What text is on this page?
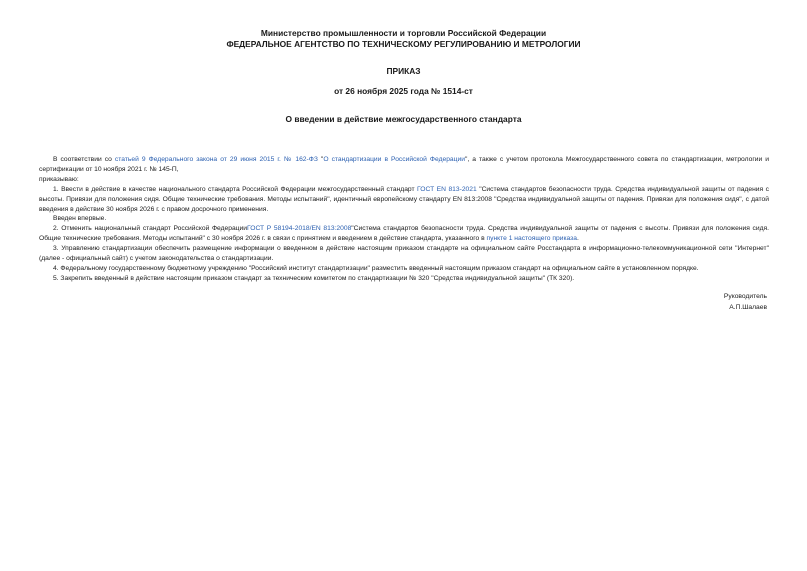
Министерство промышленности и торговли Российской Федерации
ФЕДЕРАЛЬНОЕ АГЕНТСТВО ПО ТЕХНИЧЕСКОМУ РЕГУЛИРОВАНИЮ И МЕТРОЛОГИИ
ПРИКАЗ
от 26 ноября 2025 года № 1514-ст
О введении в действие межгосударственного стандарта

В соответствии со статьей 9 Федерального закона от 29 июня 2015 г. № 162-ФЗ "О стандартизации в Российской Федерации", а также с учетом протокола Межгосударственного совета по стандартизации, метрологии и сертификации от 10 ноября 2021 г. № 145-П,

приказываю:

1. Ввести в действие в качестве национального стандарта Российской Федерации межгосударственный стандарт ГОСТ EN 813-2021 "Система стандартов безопасности труда. Средства индивидуальной защиты от падения с высоты. Привязи для положения сидя. Общие технические требования. Методы испытаний", идентичный европейскому стандарту EN 813:2008 "Средства индивидуальной защиты от падения. Привязи для положения сидя", с датой введения в действие 30 ноября 2026 г. с правом досрочного применения.

Введен впервые.

2. Отменить национальный стандарт Российской ФедерацииГОСТ Р 58194-2018/EN 813:2008"Система стандартов безопасности труда. Средства индивидуальной защиты от падения с высоты. Привязи для положения сидя. Общие технические требования. Методы испытаний" с 30 ноября 2026 г. в связи с принятием и введением в действие стандарта, указанного в пункте 1 настоящего приказа.

3. Управлению стандартизации обеспечить размещение информации о введенном в действие настоящим приказом стандарте на официальном сайте Росстандарта в информационно-телекоммуникационной сети "Интернет" (далее - официальный сайт) с учетом законодательства о стандартизации.

4. Федеральному государственному бюджетному учреждению "Российский институт стандартизации" разместить введенный настоящим приказом стандарт на официальном сайте в установленном порядке.

5. Закрепить введенный в действие настоящим приказом стандарт за техническим комитетом по стандартизации № 320 "Средства индивидуальной защиты" (ТК 320).

Руководитель
А.П.Шалаев
